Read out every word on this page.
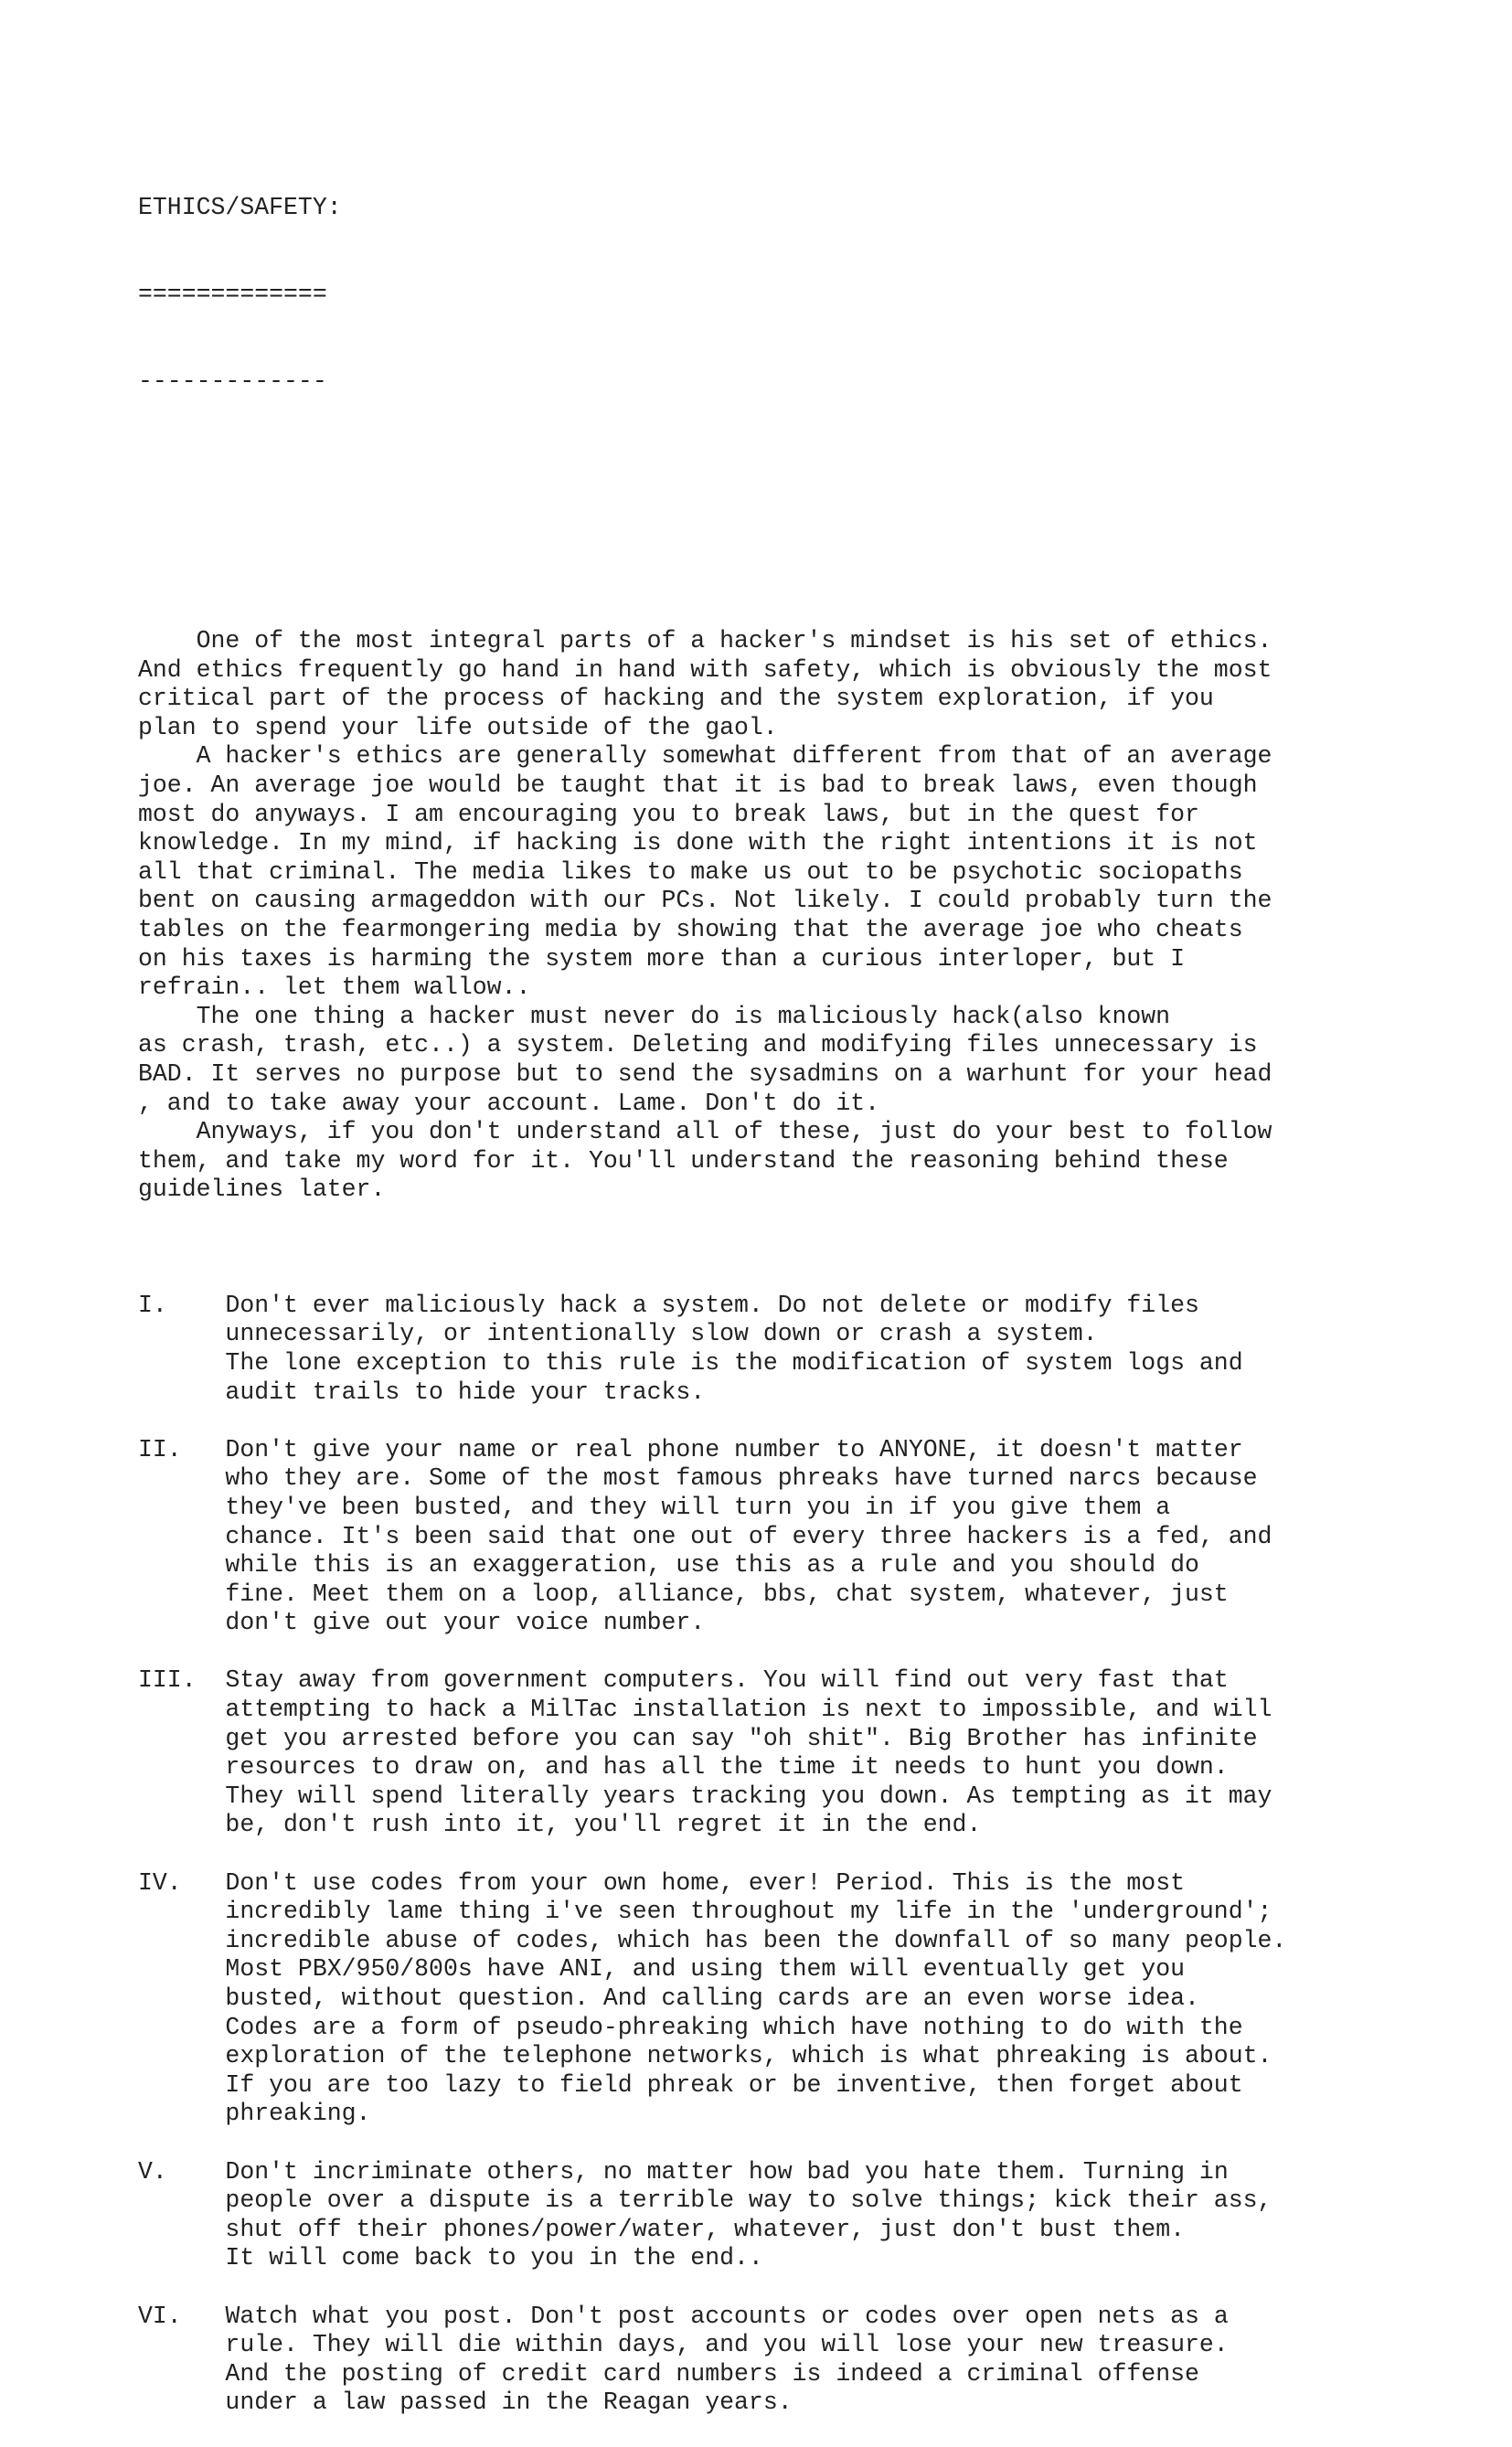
ETHICS/SAFETY:

=============

-------------

One of the most integral parts of a hacker's mindset is his set of ethics.
And ethics frequently go hand in hand with safety, which is obviously the most
critical part of the process of hacking and the system exploration, if you
plan to spend your life outside of the gaol.
A hacker's ethics are generally somewhat different from that of an average
joe. An average joe would be taught that it is bad to break laws, even though
most do anyways. I am encouraging you to break laws, but in the quest for
knowledge. In my mind, if hacking is done with the right intentions it is not
all that criminal. The media likes to make us out to be psychotic sociopaths
bent on causing armageddon with our PCs. Not likely. I could probably turn the
tables on the fearmongering media by showing that the average joe who cheats
on his taxes is harming the system more than a curious interloper, but I
refrain.. let them wallow..
The one thing a hacker must never do is maliciously hack(also known
as crash, trash, etc..) a system. Deleting and modifying files unnecessary is
BAD. It serves no purpose but to send the sysadmins on a warhunt for your head
, and to take away your account. Lame. Don't do it.
Anyways, if you don't understand all of these, just do your best to follow
them, and take my word for it. You'll understand the reasoning behind these
guidelines later.

I. Don't ever maliciously hack a system. Do not delete or modify files
unnecessarily, or intentionally slow down or crash a system.
The lone exception to this rule is the modification of system logs and
audit trails to hide your tracks.
II. Don't give your name or real phone number to ANYONE, it doesn't matter
who they are. Some of the most famous phreaks have turned narcs because
they've been busted, and they will turn you in if you give them a
chance. It's been said that one out of every three hackers is a fed, and
while this is an exaggeration, use this as a rule and you should do
fine. Meet them on a loop, alliance, bbs, chat system, whatever, just
don't give out your voice number.
III. Stay away from government computers. You will find out very fast that
attempting to hack a MilTac installation is next to impossible, and will
get you arrested before you can say "oh shit". Big Brother has infinite
resources to draw on, and has all the time it needs to hunt you down.
They will spend literally years tracking you down. As tempting as it may
be, don't rush into it, you'll regret it in the end.
IV. Don't use codes from your own home, ever! Period. This is the most
incredibly lame thing i've seen throughout my life in the 'underground';
incredible abuse of codes, which has been the downfall of so many people.
Most PBX/950/800s have ANI, and using them will eventually get you
busted, without question. And calling cards are an even worse idea.
Codes are a form of pseudo-phreaking which have nothing to do with the
exploration of the telephone networks, which is what phreaking is about.
If you are too lazy to field phreak or be inventive, then forget about
phreaking.
V. Don't incriminate others, no matter how bad you hate them. Turning in
people over a dispute is a terrible way to solve things; kick their ass,
shut off their phones/power/water, whatever, just don't bust them.
It will come back to you in the end..
VI. Watch what you post. Don't post accounts or codes over open nets as a
rule. They will die within days, and you will lose your new treasure.
And the posting of credit card numbers is indeed a criminal offense
under a law passed in the Reagan years.
